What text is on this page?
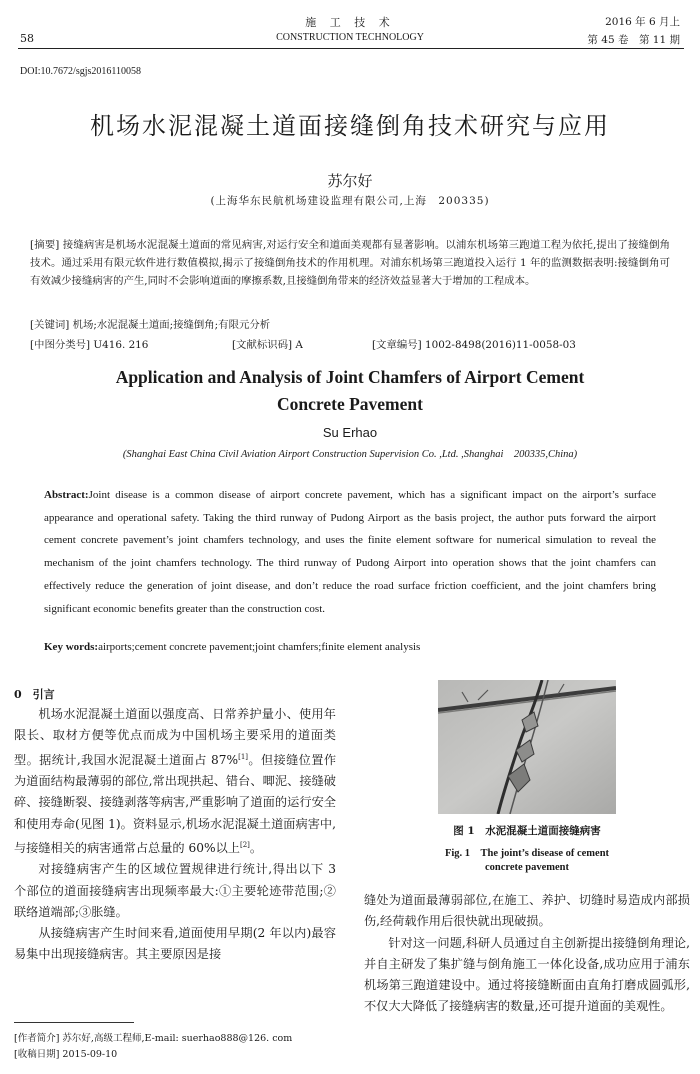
58
施 工 技 术
CONSTRUCTION TECHNOLOGY
2016 年 6 月上
第 45 卷　第 11 期
DOI:10.7672/sgjs2016110058
机场水泥混凝土道面接缝倒角技术研究与应用
苏尔好
(上海华东民航机场建设监理有限公司,上海　200335)
[摘要] 接缝病害是机场水泥混凝土道面的常见病害,对运行安全和道面美观都有显著影响。以浦东机场第三跑道工程为依托,提出了接缝倒角技术。通过采用有限元软件进行数值模拟,揭示了接缝倒角技术的作用机理。对浦东机场第三跑道投入运行 1 年的监测数据表明:接缝倒角可有效减少接缝病害的产生,同时不会影响道面的摩擦系数,且接缝倒角带来的经济效益显著大于增加的工程成本。
[关键词] 机场;水泥混凝土道面;接缝倒角;有限元分析
[中图分类号] U416. 216	[文献标识码] A	[文章编号] 1002-8498(2016)11-0058-03
Application and Analysis of Joint Chamfers of Airport Cement
Concrete Pavement
Su Erhao
(Shanghai East China Civil Aviation Airport Construction Supervision Co. ,Ltd. ,Shanghai　200335,China)
Abstract:Joint disease is a common disease of airport concrete pavement, which has a significant impact on the airport’s surface appearance and operational safety. Taking the third runway of Pudong Airport as the basis project, the author puts forward the airport cement concrete pavement’s joint chamfers technology, and uses the finite element software for numerical simulation to reveal the mechanism of the joint chamfers technology. The third runway of Pudong Airport into operation shows that the joint chamfers can effectively reduce the generation of joint disease, and don’t reduce the road surface friction coefficient, and the joint chamfers bring significant economic benefits greater than the construction cost.
Key words:airports;cement concrete pavement;joint chamfers;finite element analysis
0　引言

机场水泥混凝土道面以强度高、日常养护量小、使用年限长、取材方便等优点而成为中国机场主要采用的道面类型。据统计,我国水泥混凝土道面占 87%[1]。但接缝位置作为道面结构最薄弱的部位,常出现拱起、错台、唧泥、接缝破碎、接缝断裂、接缝剥落等病害,严重影响了道面的运行安全和使用寿命(见图 1)。资料显示,机场水泥混凝土道面病害中,与接缝相关的病害通常占总量的 60%以上[2]。

对接缝病害产生的区域位置规律进行统计,得出以下 3 个部位的道面接缝病害出现频率最大:①主要轮迹带范围;②联络道端部;③胀缝。

从接缝病害产生时间来看,道面使用早期(2 年以内)最容易集中出现接缝病害。其主要原因是接

[作者简介] 苏尔好,高级工程师,E-mail: suerhao888@126. com
[收稿日期] 2015-09-10
图 1　水泥混凝土道面接缝病害
Fig. 1　The joint’s disease of cement
concrete pavement

缝处为道面最薄弱部位,在施工、养护、切缝时易造成内部损伤,经荷载作用后很快就出现破损。

针对这一问题,科研人员通过自主创新提出接缝倒角理论,并自主研发了集扩缝与倒角施工一体化设备,成功应用于浦东机场第三跑道建设中。通过将接缝断面由直角打磨成圆弧形,不仅大大降低了接缝病害的数量,还可提升道面的美观性。
